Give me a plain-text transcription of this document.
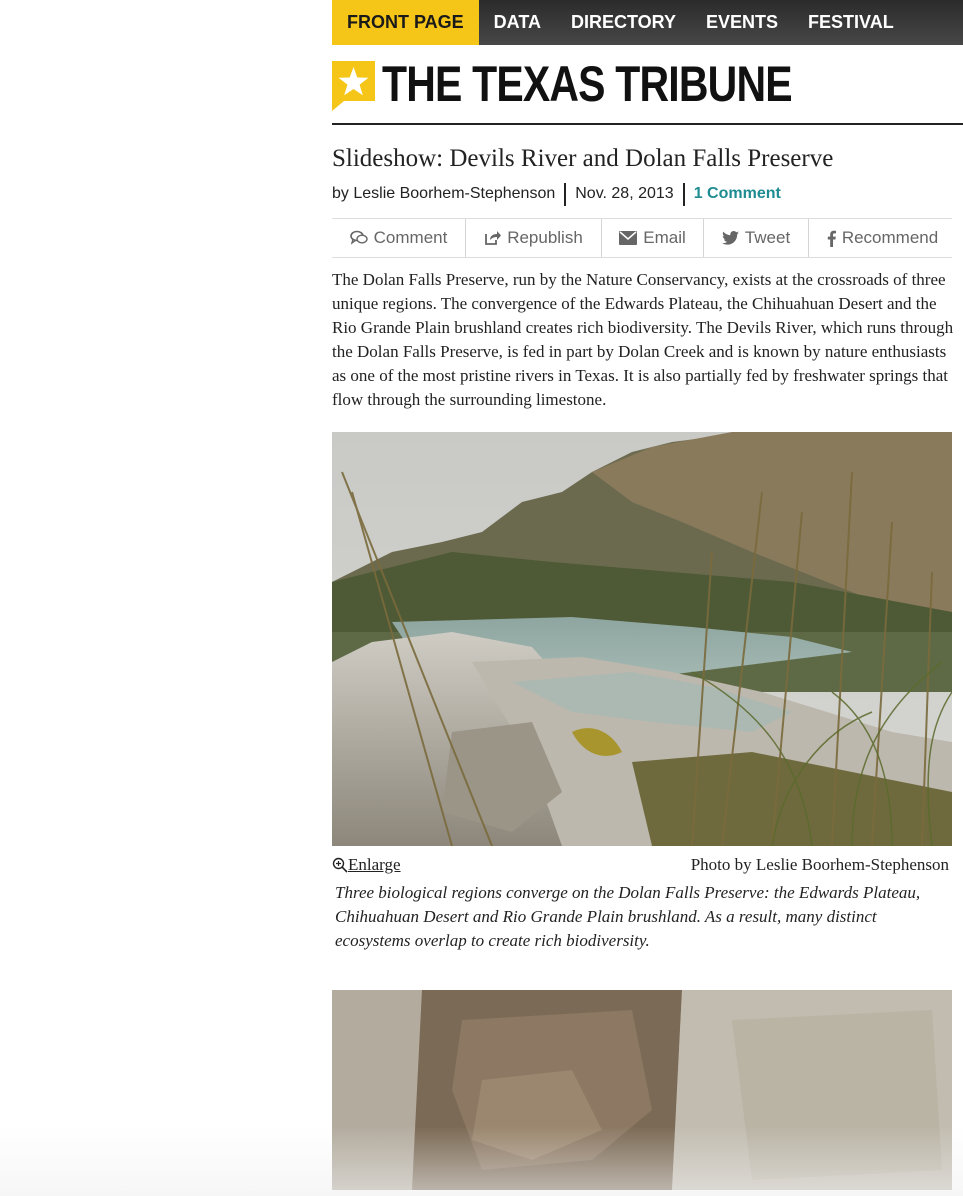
FRONT PAGE	DATA	DIRECTORY	EVENTS	FESTIVAL
THE TEXAS TRIBUNE
Slideshow: Devils River and Dolan Falls Preserve
by Leslie Boorhem-Stephenson Nov. 28, 2013 1 Comment
Comment	Republish	Email	Tweet	Recommend
The Dolan Falls Preserve, run by the Nature Conservancy, exists at the crossroads of three unique regions. The convergence of the Edwards Plateau, the Chihuahuan Desert and the Rio Grande Plain brushland creates rich biodiversity. The Devils River, which runs through the Dolan Falls Preserve, is fed in part by Dolan Creek and is known by nature enthusiasts as one of the most pristine rivers in Texas. It is also partially fed by freshwater springs that flow through the surrounding limestone.
Enlarge	Photo by Leslie Boorhem-Stephenson
Three biological regions converge on the Dolan Falls Preserve: the Edwards Plateau, Chihuahuan Desert and Rio Grande Plain brushland. As a result, many distinct ecosystems overlap to create rich biodiversity.
